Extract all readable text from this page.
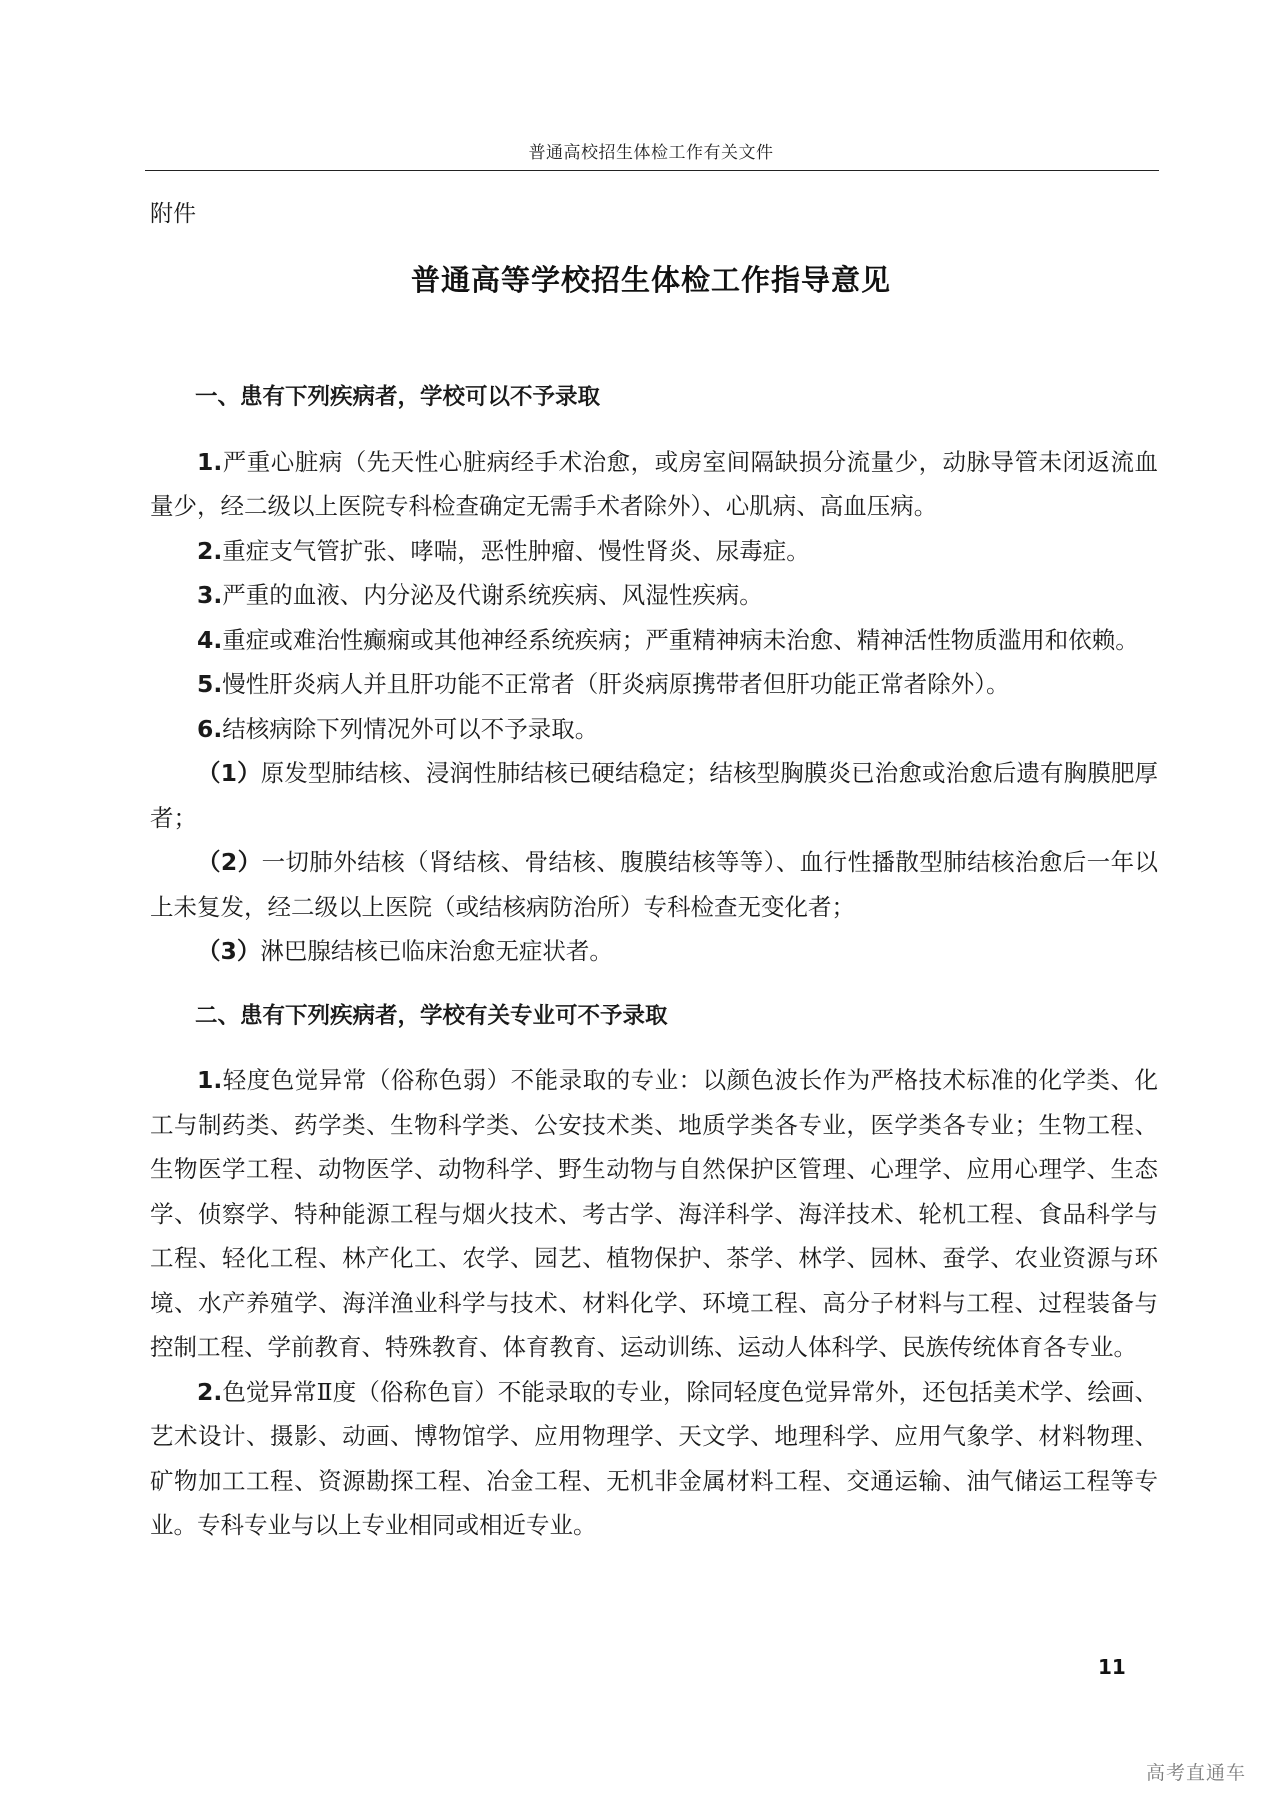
普通高校招生体检工作有关文件
附件
普通高等学校招生体检工作指导意见

一、患有下列疾病者，学校可以不予录取

1.严重心脏病（先天性心脏病经手术治愈，或房室间隔缺损分流量少，动脉导管未闭返流血量少，经二级以上医院专科检查确定无需手术者除外）、心肌病、高血压病。

2.重症支气管扩张、哮喘，恶性肿瘤、慢性肾炎、尿毒症。

3.严重的血液、内分泌及代谢系统疾病、风湿性疾病。

4.重症或难治性癫痫或其他神经系统疾病；严重精神病未治愈、精神活性物质滥用和依赖。

5.慢性肝炎病人并且肝功能不正常者（肝炎病原携带者但肝功能正常者除外）。

6.结核病除下列情况外可以不予录取。

（1）原发型肺结核、浸润性肺结核已硬结稳定；结核型胸膜炎已治愈或治愈后遗有胸膜肥厚者；

（2）一切肺外结核（肾结核、骨结核、腹膜结核等等）、血行性播散型肺结核治愈后一年以上未复发，经二级以上医院（或结核病防治所）专科检查无变化者；

（3）淋巴腺结核已临床治愈无症状者。

二、患有下列疾病者，学校有关专业可不予录取

1.轻度色觉异常（俗称色弱）不能录取的专业：以颜色波长作为严格技术标准的化学类、化工与制药类、药学类、生物科学类、公安技术类、地质学类各专业，医学类各专业；生物工程、生物医学工程、动物医学、动物科学、野生动物与自然保护区管理、心理学、应用心理学、生态学、侦察学、特种能源工程与烟火技术、考古学、海洋科学、海洋技术、轮机工程、食品科学与工程、轻化工程、林产化工、农学、园艺、植物保护、茶学、林学、园林、蚕学、农业资源与环境、水产养殖学、海洋渔业科学与技术、材料化学、环境工程、高分子材料与工程、过程装备与控制工程、学前教育、特殊教育、体育教育、运动训练、运动人体科学、民族传统体育各专业。

2.色觉异常Ⅱ度（俗称色盲）不能录取的专业，除同轻度色觉异常外，还包括美术学、绘画、艺术设计、摄影、动画、博物馆学、应用物理学、天文学、地理科学、应用气象学、材料物理、矿物加工工程、资源勘探工程、冶金工程、无机非金属材料工程、交通运输、油气储运工程等专业。专科专业与以上专业相同或相近专业。

11
高考直通车
